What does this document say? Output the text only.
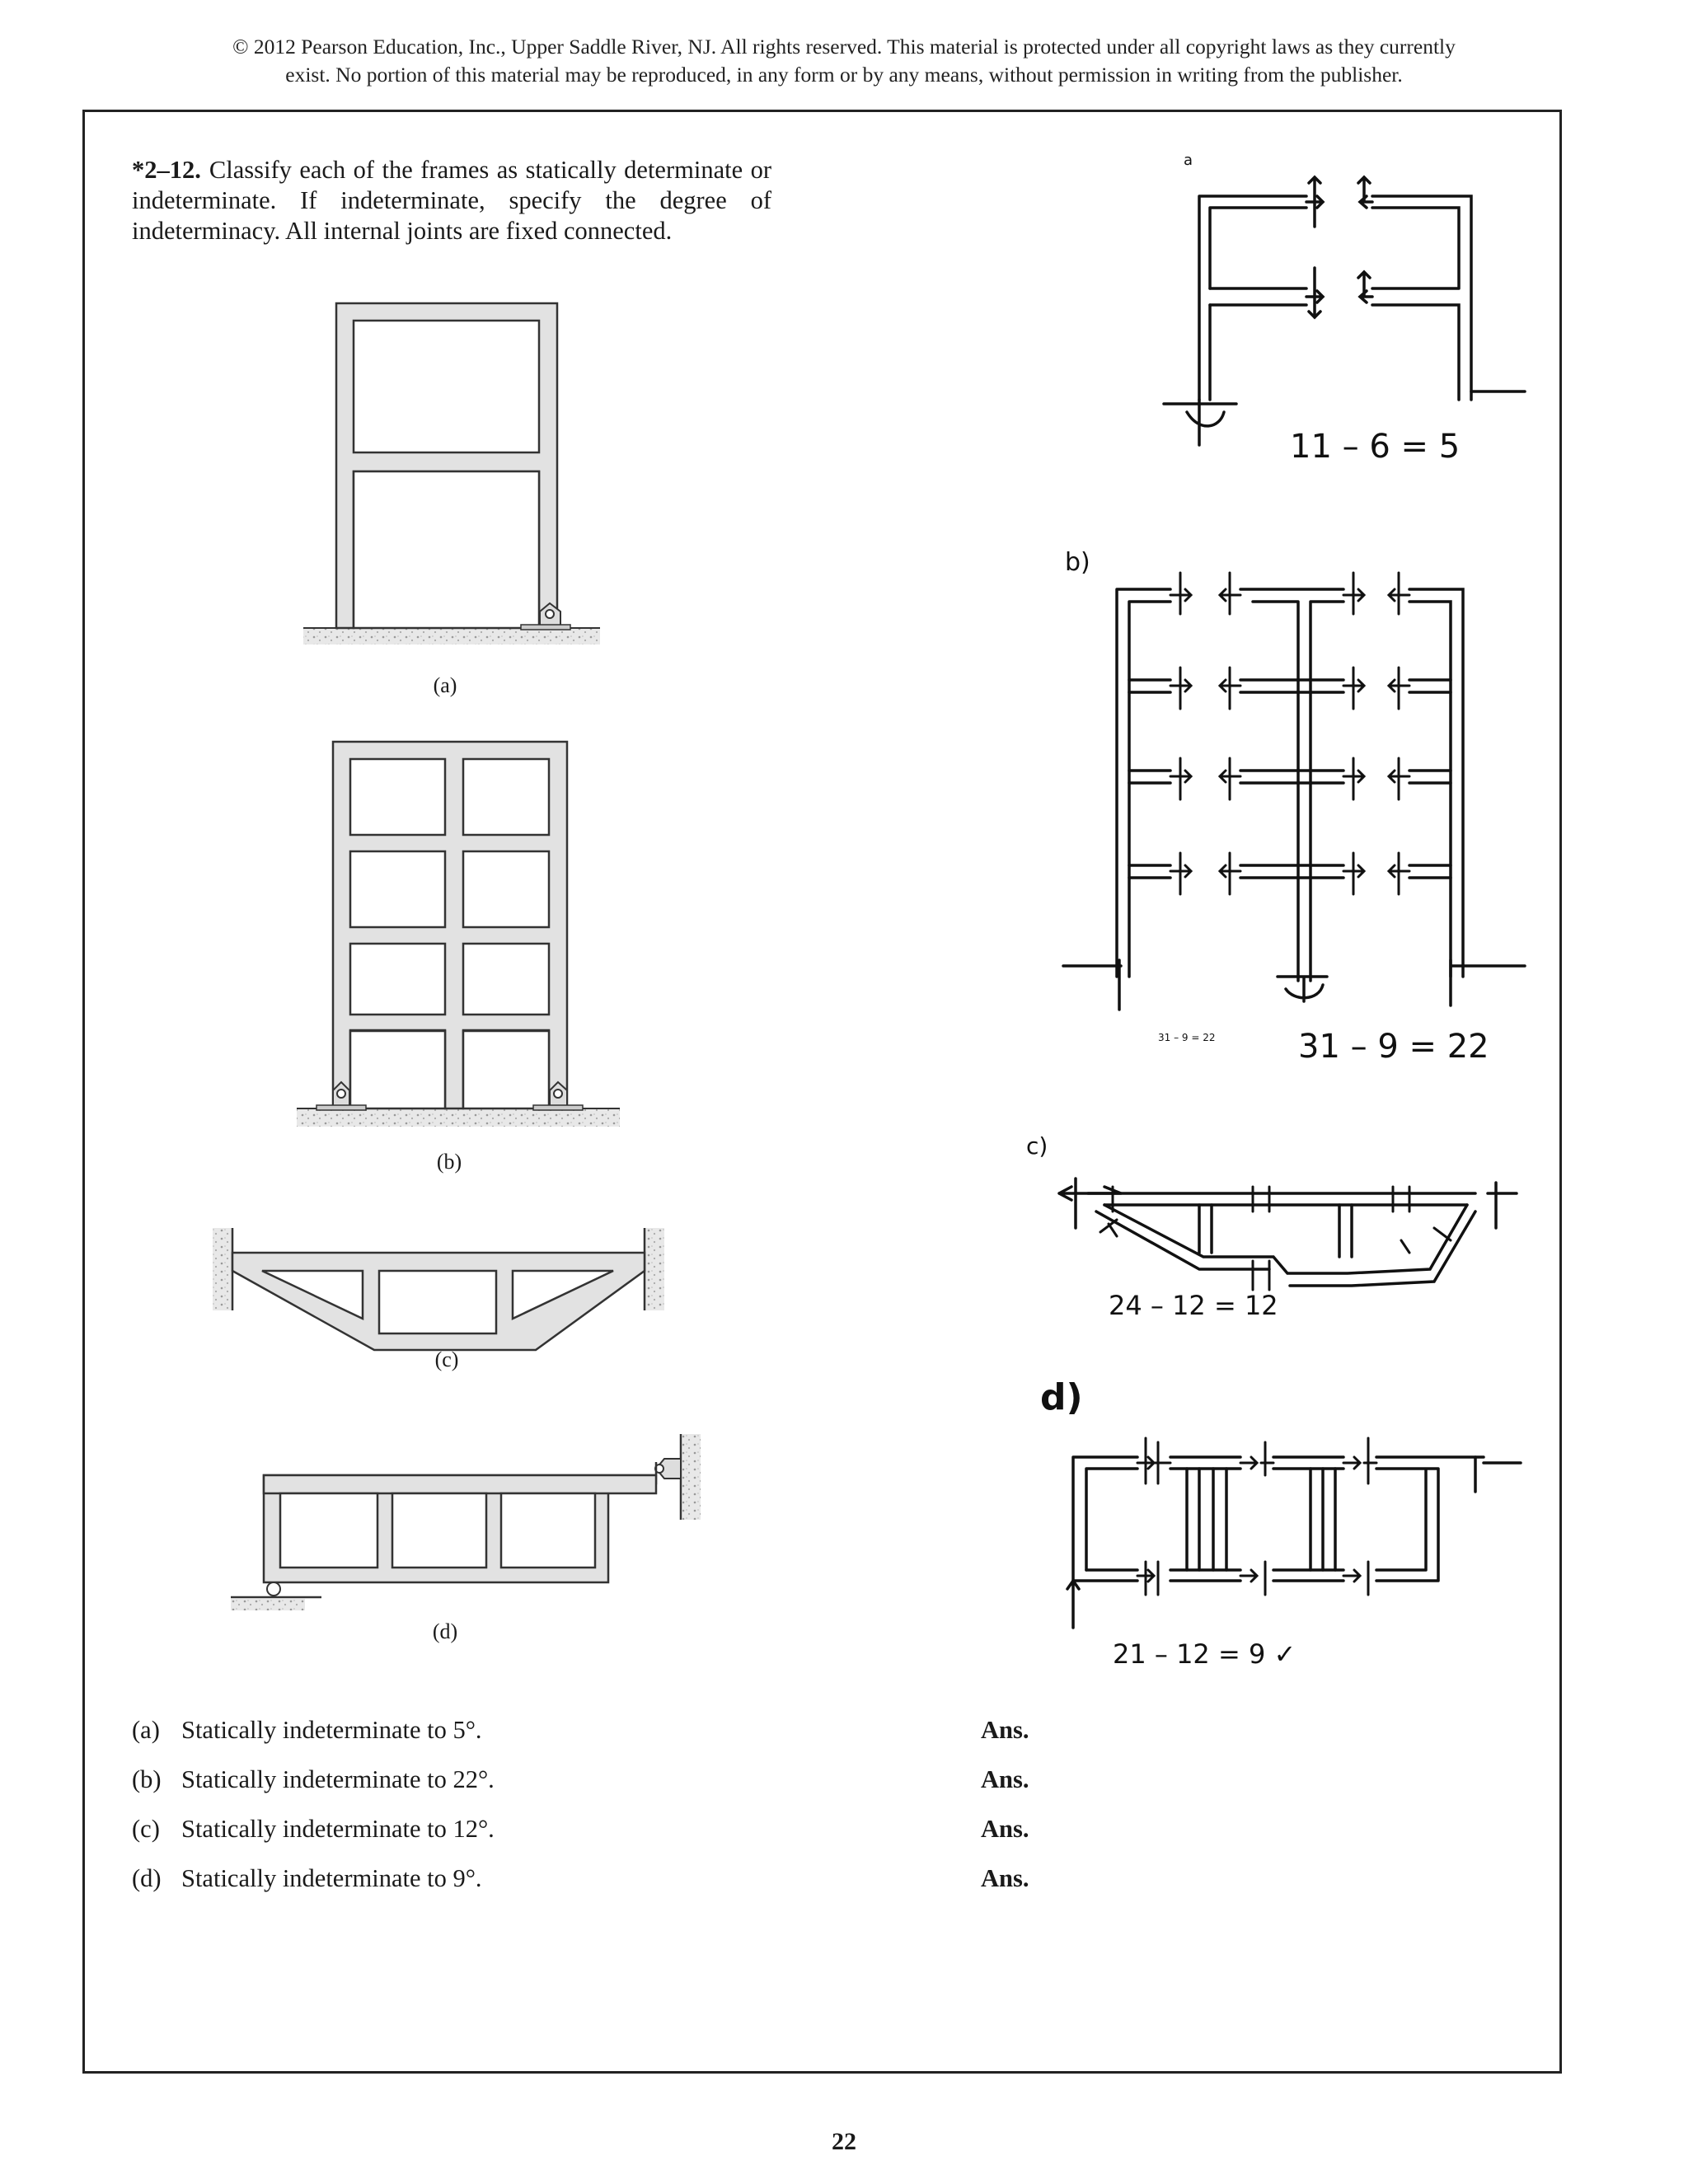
© 2012 Pearson Education, Inc., Upper Saddle River, NJ. All rights reserved. This material is protected under all copyright laws as they currently
exist. No portion of this material may be reproduced, in any form or by any means, without permission in writing from the publisher.
*2–12. Classify each of the frames as statically determinate or indeterminate. If indeterminate, specify the degree of indeterminacy. All internal joints are fixed connected.
(a)
(b)
(c)
(d)
a
11 – 6 = 5
b)
31 – 9 = 22	31 – 9 = 22
c)
24 – 12 = 12
d)
21 – 12 = 9 ✓
(a) Statically indeterminate to 5°.	Ans.
(b) Statically indeterminate to 22°.	Ans.
(c) Statically indeterminate to 12°.	Ans.
(d) Statically indeterminate to 9°.	Ans.
22
